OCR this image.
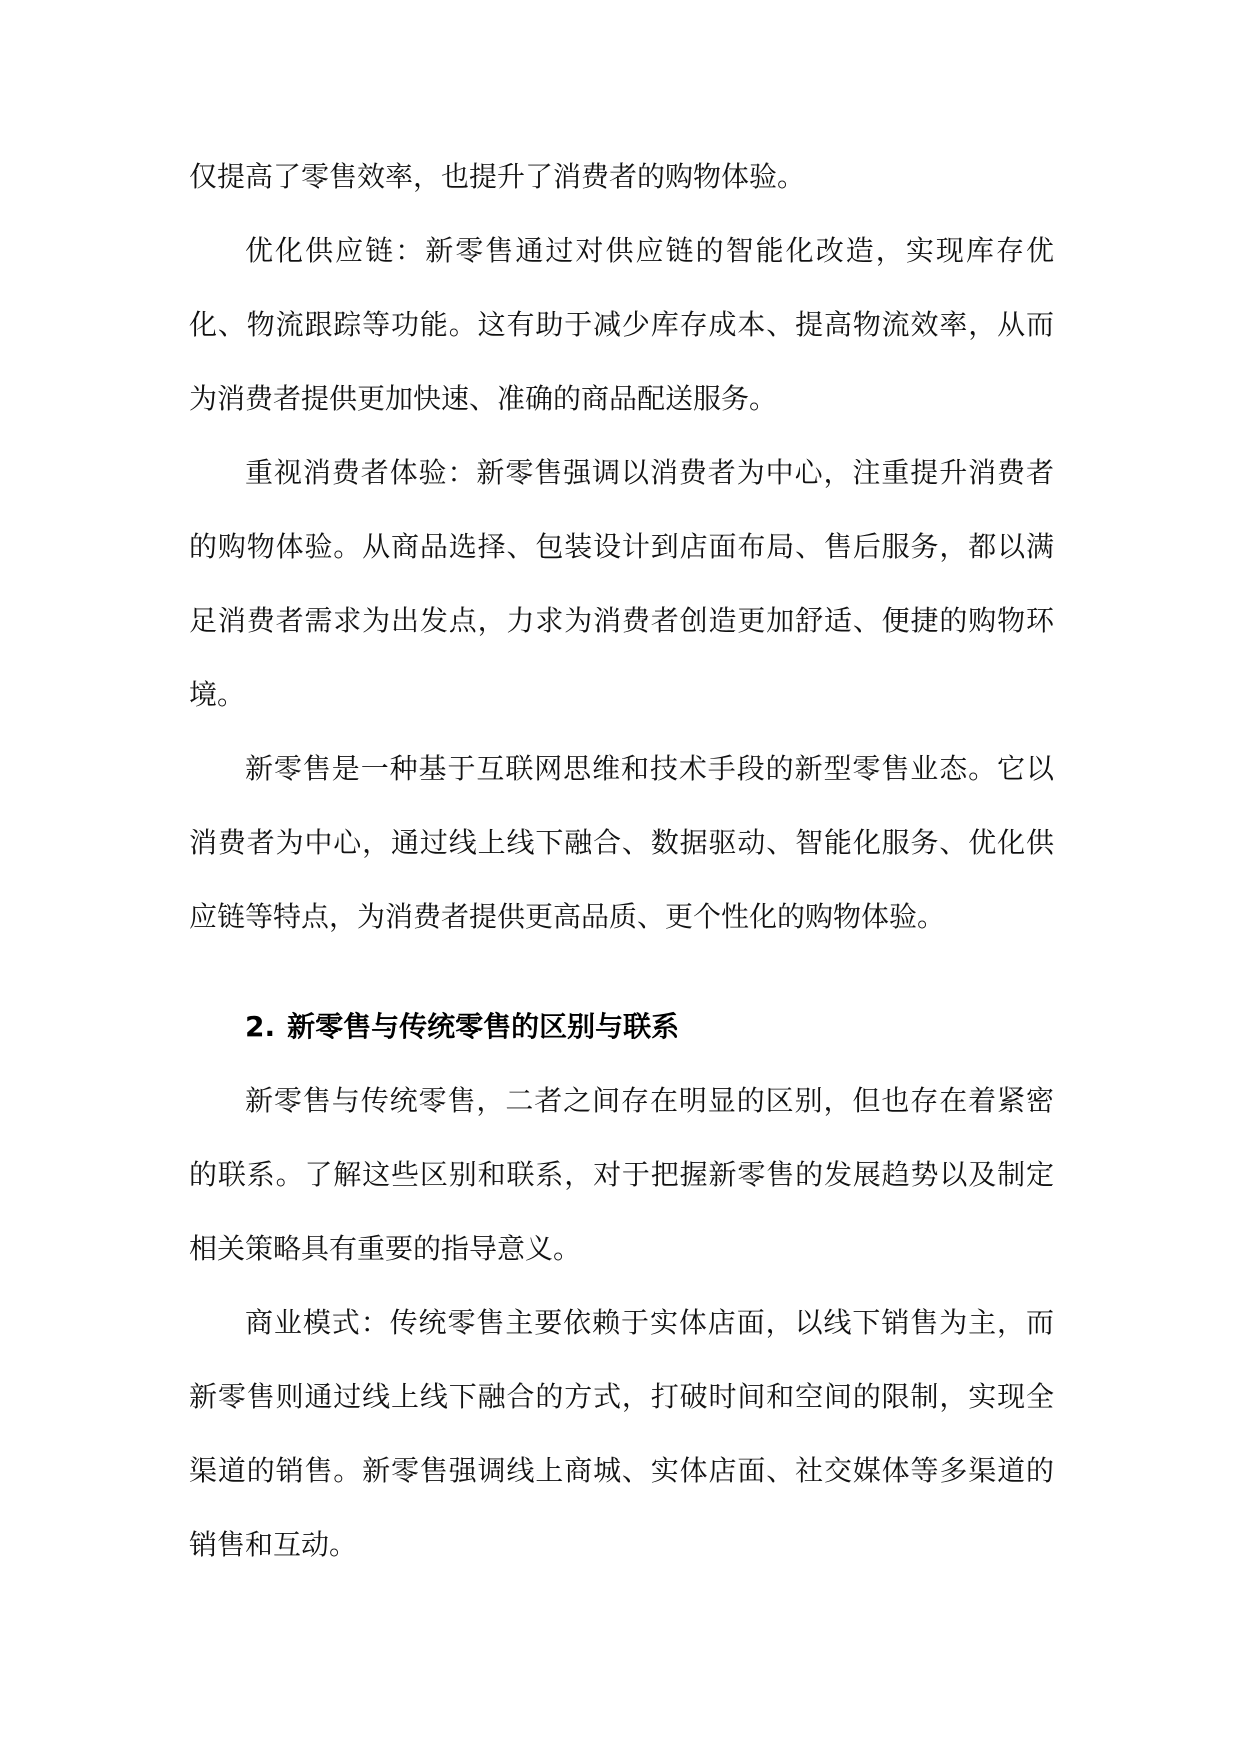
仅提高了零售效率，也提升了消费者的购物体验。

优化供应链：新零售通过对供应链的智能化改造，实现库存优化、物流跟踪等功能。这有助于减少库存成本、提高物流效率，从而为消费者提供更加快速、准确的商品配送服务。

重视消费者体验：新零售强调以消费者为中心，注重提升消费者的购物体验。从商品选择、包装设计到店面布局、售后服务，都以满足消费者需求为出发点，力求为消费者创造更加舒适、便捷的购物环境。

新零售是一种基于互联网思维和技术手段的新型零售业态。它以消费者为中心，通过线上线下融合、数据驱动、智能化服务、优化供应链等特点，为消费者提供更高品质、更个性化的购物体验。

2. 新零售与传统零售的区别与联系

新零售与传统零售，二者之间存在明显的区别，但也存在着紧密的联系。了解这些区别和联系，对于把握新零售的发展趋势以及制定相关策略具有重要的指导意义。

商业模式：传统零售主要依赖于实体店面，以线下销售为主，而新零售则通过线上线下融合的方式，打破时间和空间的限制，实现全渠道的销售。新零售强调线上商城、实体店面、社交媒体等多渠道的销售和互动。
